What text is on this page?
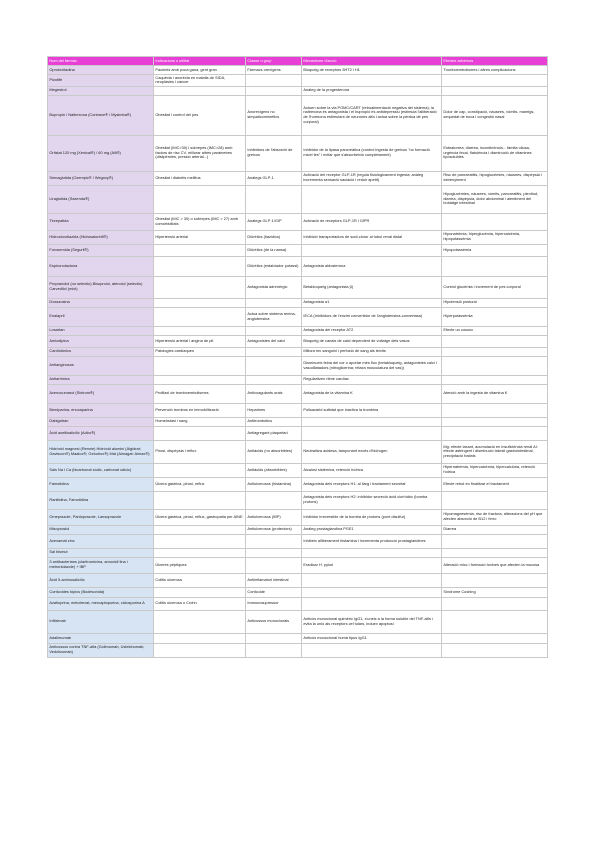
Nom del fàrmac	Indicacions o utilitat	Classe o grup	Mecanisme d'acció	Efectes adversos
Oprotoxitadina	Pacients amb poca gana, gent gran	Fàrmacs orexígens	Bloqueig de receptors 5HT2 i H1	Tromboembolismes i altres complicacions
Pizotifè	Caquèxia i anorèxia en malalts de SIDA, neoplàsies i càncer			
Megestrol			Anàleg de la progesterona	
Bupropió / Naltrexona (Contrave® / Mysimba®)	Obesitat i control del pes	Anorexígens no simpaticomimètics	Actuen sobre la via POMC/CART (retroalimentació negativa del sistema); la naltrexona és antagonista i el bupropió és antidepressiu (estimula l'alliberació de l'hormona estimulant de neurones alfa i actua sobre la pèrdua de pes corporal)	Dolor de cap, constipació, nàusees, vòmits, mareigs, sequedat de boca i congestió nasal
Orlistat 120 mg (Xenical®) / 60 mg (Alli®)	Obesitat (IMC>30) i sobrepès (IMC>28) amb factors de risc CV, millorar altres paràmetres (dislipèmies, pressió arterial...)	Inhibidors de l'absorció de greixos	Inhibidor de la lipasa pancreàtica (control ingesta de greixos "no formació micel·les" i evitar que s'absorbeixin completament)	Esteatorrea, diarrea, incontinència... fàmita oliosa, urgència fecal, flatulència i disminució de vitamines liposolubles
Semaglutida (Ozempic® / Wegovy®)	Obesitat i diabetis mellitus	Anàlegs GLP-1	Activació del receptor GLP-1R (regula fisiològicament ingesta; anàleg incrementa sensació saciació i reduir apetit)	Risc de pancreatitis, hipoglucèmies, nàusees, dispèpsia i estrenyiment
Liraglutida (Saxenda®)				Hipoglucèmies, nàusees, vòmits, pancreatitis, plenitud, diarrea, dispèpsia, dolor abdominal i alentiment del buidatge intestinal
Tirzepatida	Obesitat (IMC > 30) o sobrepès (IMC > 27) amb comorbiditats	Anàlegs GLP-1/GIP	Activació de receptors GLP-1R i GIPR	
Hidroclorotiazida (Hidrosaluretil®)	Hipertensió arterial	Diürètics (tiazídics)	Inhibició transportadors de sodi-clorur al túbul renal distal	Hiponatrèmia, hiperglucèmia, hipercalcèmia, hipopotassèmia
Furosemida (Seguril®)		Diürètics (de la nansa)		Hipopotassèmia
Espironolactona		Diürètics (estalviador potassi)	Antagonista aldosterona	
Propranolol (no selectiu) Bisoprolol, atenolol (selectiu) Carvedilol (mixt)		Antagonista adrenèrgic	Betabloqueig (antagonista β)	Control glucèmia i increment de pes corporal
Doxazosina			Antagonista α1	Hipotensió postural
Enalapril		Actua sobre sistema renina-angiotensina	IECA (Inhibidors de l'enzim convertidor de l'angiotensina-convertasa)	Hiperpotassèmia
Losartan			Antagonista del receptor AT2	Efecte un cosunc
Amlodipina	Hipertensió arterial i angina de pit	Antagonistes del calci	Bloqueig de canals de calci dependent de voltatge dels vasos	
Cardiotònics	Patologies cardíaques		Millora rec sanguini i perfusió de sang als teixits	
Antianginosos			Disminueix feina del cor o aportar més flux (betabloqueig, antagonistes calci i vasodilatadors (nitroglicerina; relaxa musculatura del vas))	
Antiarítmics			Regularitzen ritme cardíac	
Acenocumarol (Sintrom®)	Profilaxi de tromboembolismes	Anticoagulants orals	Antagonista de la vitamina K	Atenció amb la ingesta de vitamina K
Bemiparina, enoxaparina	Prevenció trombos en immobilització	Heparines	Polisacàrid sulfatat que inactiva la trombina	
Dabigatran	Homeòstasi i sang	Antitrombòtics		
Àcid acetilsalicílic (Adiro®)		Antiagregant plaquetari		
Hidròxid magnesi (Rennie) Hidròxid alumini (Algidrat; Gaviscon®) Maalox®; Gelodrox®) Mat (Almagat: Almax®)	Pirosi, dispèpsia i reflux	Antiàcids (no absorbibles)	Neutralitza acidesa, tamponant excés d'hidrogen	Mg: efecte laxant, acumulació en insuficiència renal Al: efecte astringent i disminució trànsit gastrointestinal, precipitació fosfats
Sals Na i Ca (bicarbonat sòdic, carbonat càlcic)		Antiàcids (absorbibles)	Alcalosi sistèmica, retenció hídrica	Hipernatrèmia, hipercalcèmia, hipercalciúria, retenció hídrica
Famotidina	Úlcera gàstrica, pirosi, reflux	Antiulcerosos (histamina)	Antagonista dels receptors H1: al llarg i tractament secretat	Efecte rebot en finalitzar el tractament
Ranitidina, Famotidina			Antagonista dels receptors H2: inhibidor secreció àcid clorhídric (bomba protons)	
Omeprazole, Pantoprazole, Lansoprazole	Úlcera gàstrica, pirosi, reflux, gastropatia per AINE	Antiulcerosos (IBP)	Inhibidor irreversible de la bomba de protons (pont disulfur)	Hipomagnesèmia, risc de fractura, alteracions del pH que afecten absorció de B12 i ferro
Misoprostol		Antiulcerosos (protectors)	Anàleg prostaglandina PGE1	Diarrea
Acexamat zinc			Inhibeix alliberament histamina i incrementa producció prostaglandines	
Sal bismut				
3 antibacterians (claritromicina, amoxicil·lina i metronidazole) + IBP	Úlceres pèptiques		Eradicar H. pylori	Alteració micc i formació toxines que afecten la mucosa
Àcid 5-aminosalicílic	Colitis ulcerosa	Antiinflamatori intestinal		
Corticoides tòpics (Budesonida)		Corticoide		Síndrome Cushing
Azatioprina, metotrexat, mercaptopurina, ciclosporina A	Colitis ulcerosa o Crohn	Immunosupressor		
Infliximab		Anticossos monoclonals	Anticòs monoclonal quimèric IgG1, s'uneix a la forma soluble del TNF-alfa i evita la unió als receptors cel·lulars, induex apoptosi	
Adalimumab			Anticòs monoclonal humà tipus IgG1	
Anticossos contra TNF-alfa (Golimumab, Ustekinumab, Vedolizumab)				
